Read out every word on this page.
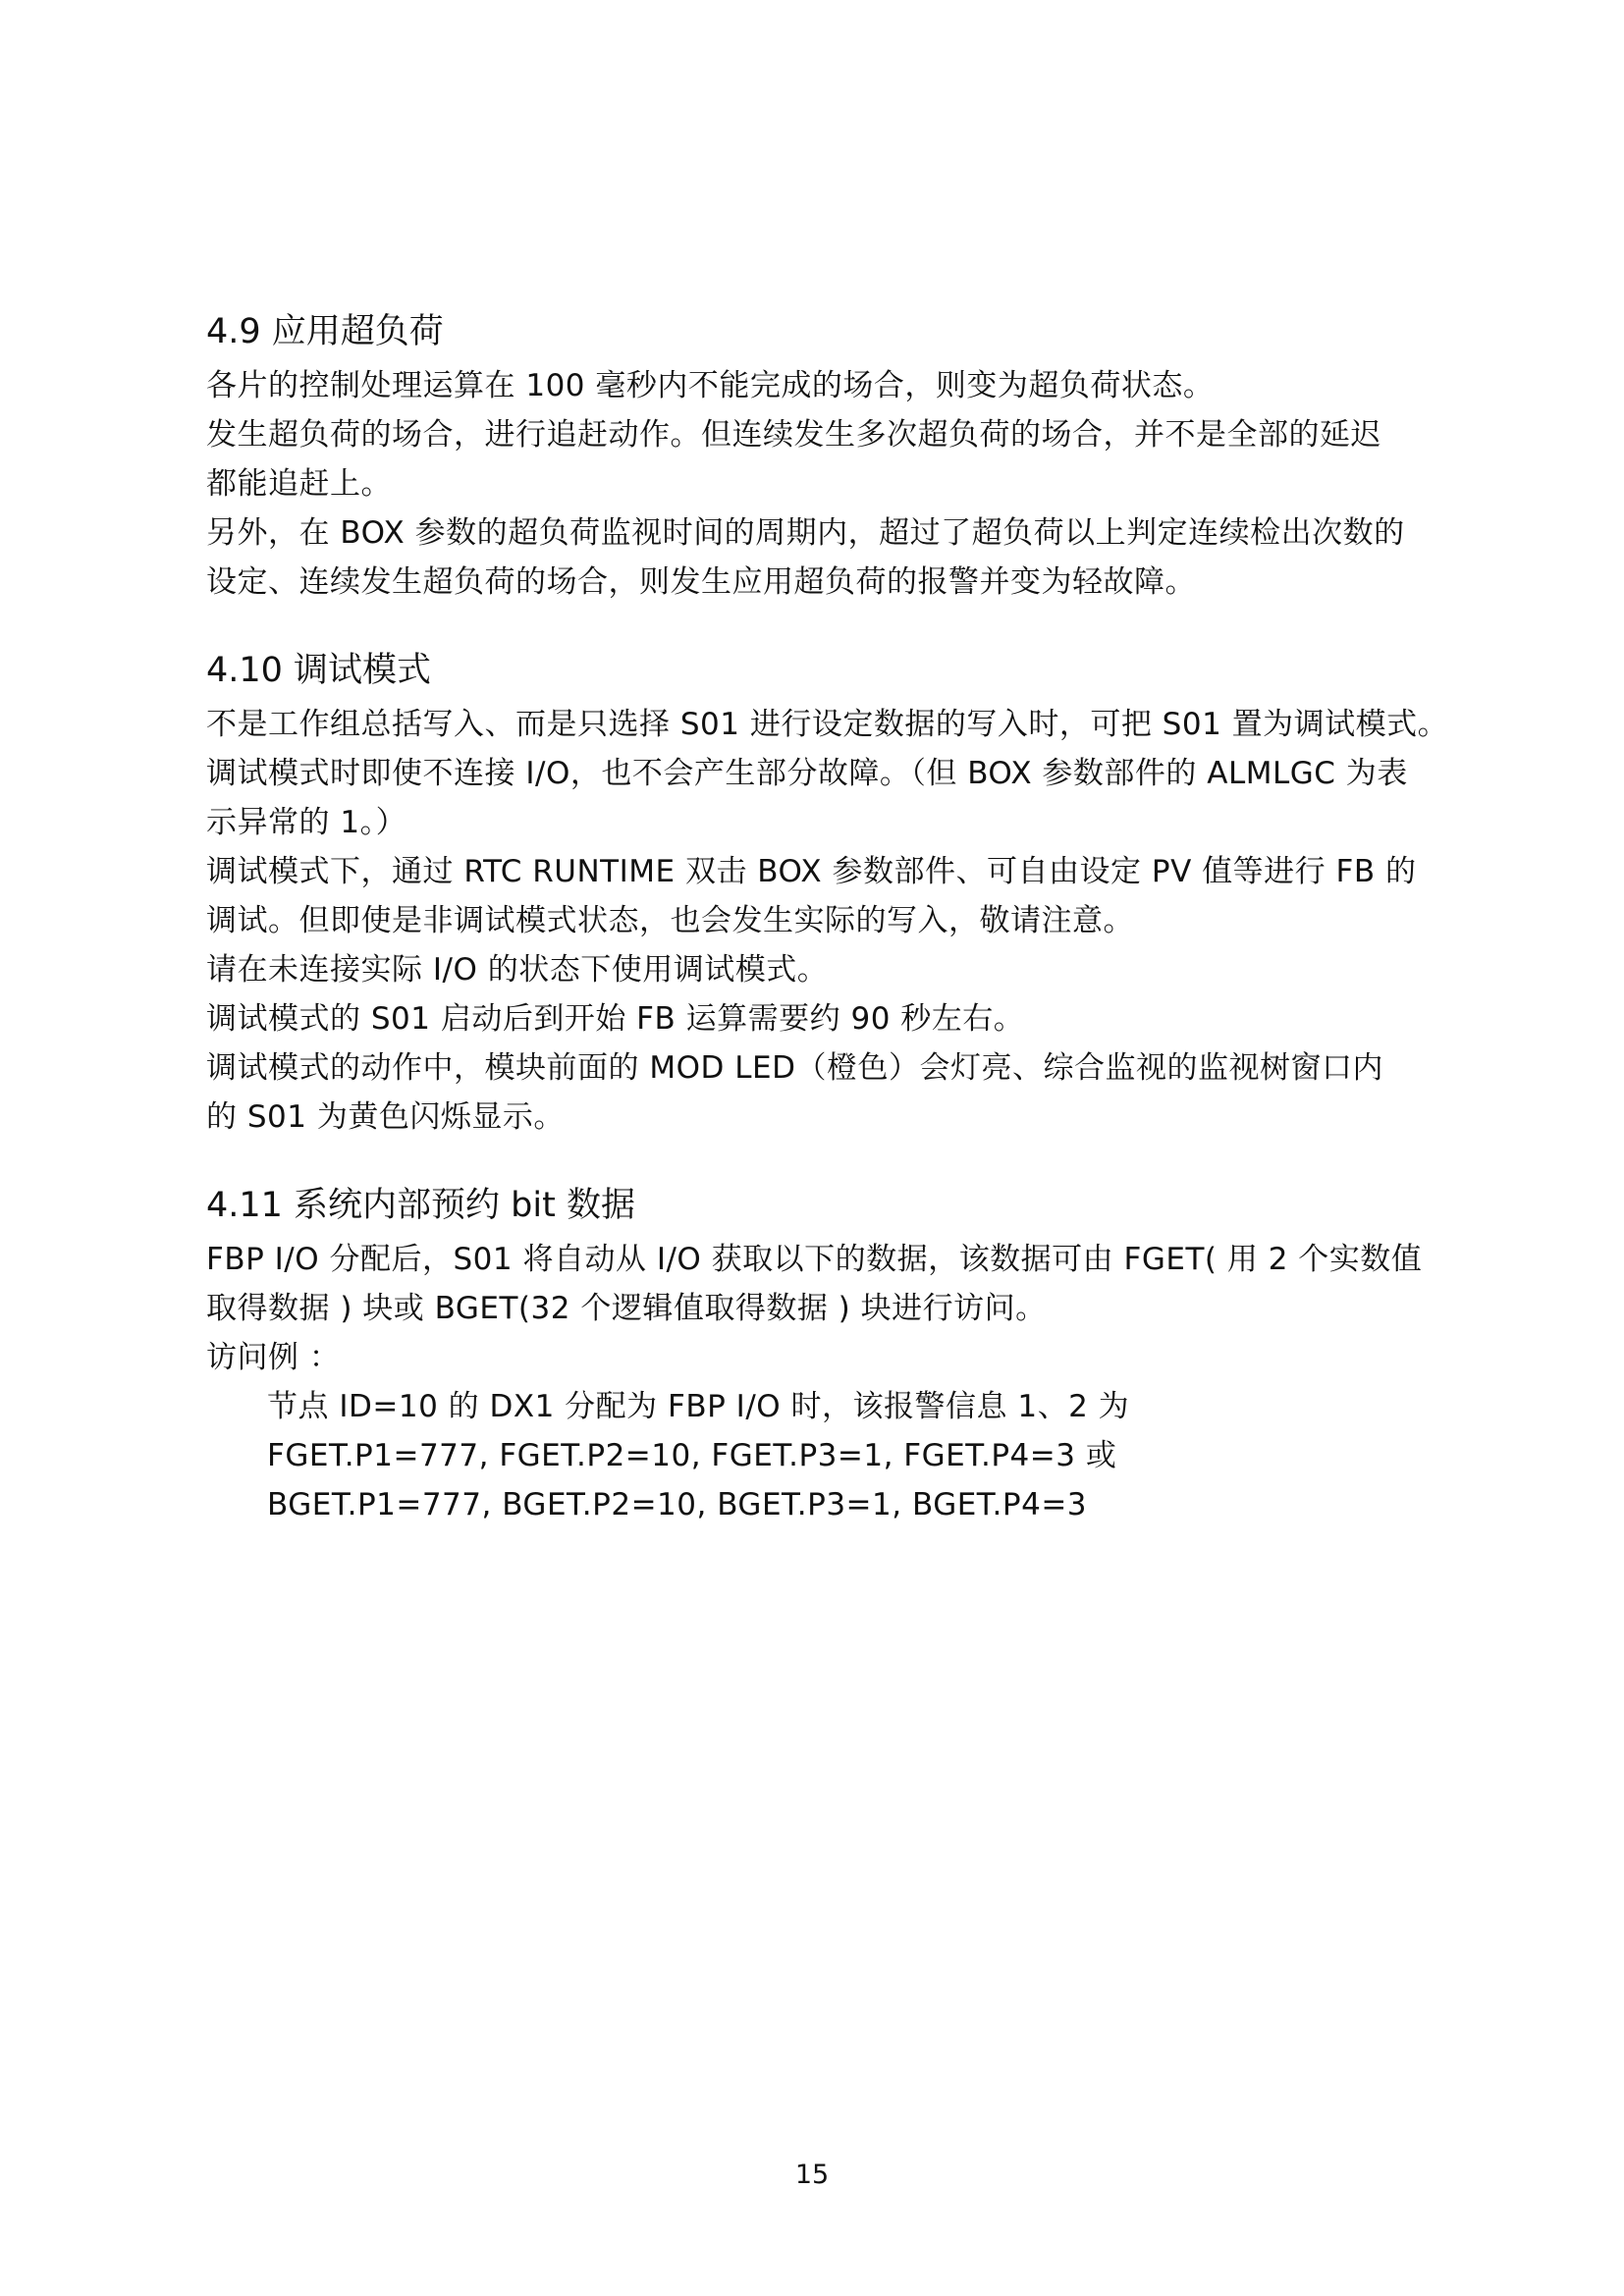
4.9 应用超负荷
各片的控制处理运算在 100 毫秒内不能完成的场合，则变为超负荷状态。
发生超负荷的场合，进行追赶动作。但连续发生多次超负荷的场合，并不是全部的延迟
都能追赶上。
另外，在 BOX 参数的超负荷监视时间的周期内，超过了超负荷以上判定连续检出次数的
设定、连续发生超负荷的场合，则发生应用超负荷的报警并变为轻故障。
4.10 调试模式
不是工作组总括写入、而是只选择 S01 进行设定数据的写入时，可把 S01 置为调试模式。
调试模式时即使不连接 I/O，也不会产生部分故障。（但 BOX 参数部件的 ALMLGC 为表
示异常的 1。）
调试模式下，通过 RTC RUNTIME 双击 BOX 参数部件、可自由设定 PV 值等进行 FB 的
调试。但即使是非调试模式状态，也会发生实际的写入，敬请注意。
请在未连接实际 I/O 的状态下使用调试模式。
调试模式的 S01 启动后到开始 FB 运算需要约 90 秒左右。
调试模式的动作中，模块前面的 MOD LED（橙色）会灯亮、综合监视的监视树窗口内
的 S01 为黄色闪烁显示。
4.11 系统内部预约 bit 数据
FBP I/O 分配后，S01 将自动从 I/O 获取以下的数据，该数据可由 FGET( 用 2 个实数值
取得数据 ) 块或 BGET(32 个逻辑值取得数据 ) 块进行访问。
访问例 ：
节点 ID=10 的 DX1 分配为 FBP I/O 时，该报警信息 1、2 为
FGET.P1=777, FGET.P2=10, FGET.P3=1, FGET.P4=3 或
BGET.P1=777, BGET.P2=10, BGET.P3=1, BGET.P4=3
15
